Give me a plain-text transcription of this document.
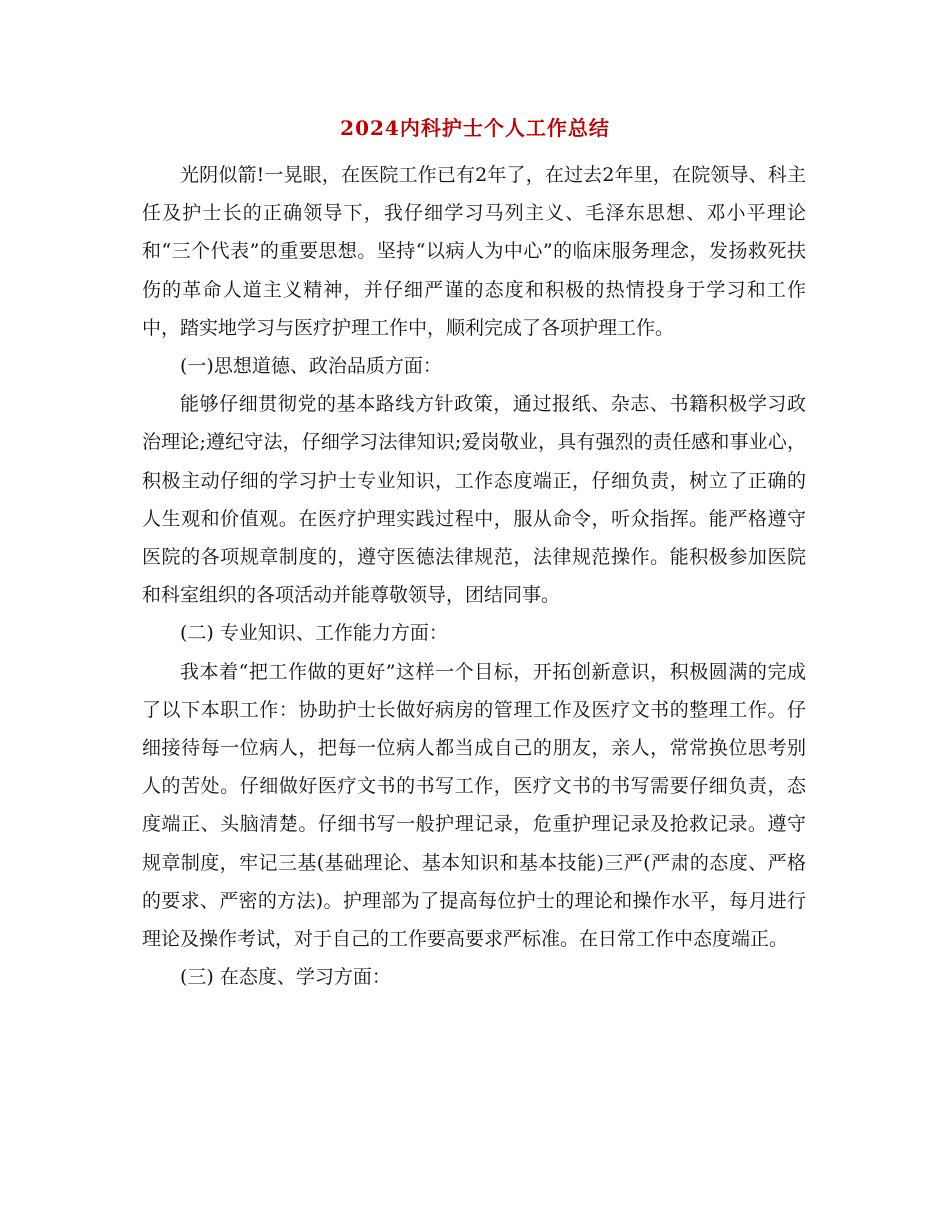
2024内科护士个人工作总结

光阴似箭!一晃眼，在医院工作已有2年了，在过去2年里，在院领导、科主任及护士长的正确领导下，我仔细学习马列主义、毛泽东思想、邓小平理论和“三个代表”的重要思想。坚持“以病人为中心”的临床服务理念，发扬救死扶伤的革命人道主义精神，并仔细严谨的态度和积极的热情投身于学习和工作中，踏实地学习与医疗护理工作中，顺利完成了各项护理工作。

(一)思想道德、政治品质方面：

能够仔细贯彻党的基本路线方针政策，通过报纸、杂志、书籍积极学习政治理论;遵纪守法，仔细学习法律知识;爱岗敬业，具有强烈的责任感和事业心，积极主动仔细的学习护士专业知识，工作态度端正，仔细负责，树立了正确的人生观和价值观。在医疗护理实践过程中，服从命令，听众指挥。能严格遵守医院的各项规章制度的，遵守医德法律规范，法律规范操作。能积极参加医院和科室组织的各项活动并能尊敬领导，团结同事。

(二) 专业知识、工作能力方面：

我本着“把工作做的更好”这样一个目标，开拓创新意识，积极圆满的完成了以下本职工作：协助护士长做好病房的管理工作及医疗文书的整理工作。仔细接待每一位病人，把每一位病人都当成自己的朋友，亲人，常常换位思考别人的苦处。仔细做好医疗文书的书写工作，医疗文书的书写需要仔细负责，态度端正、头脑清楚。仔细书写一般护理记录，危重护理记录及抢救记录。遵守规章制度，牢记三基(基础理论、基本知识和基本技能)三严(严肃的态度、严格的要求、严密的方法)。护理部为了提高每位护士的理论和操作水平，每月进行理论及操作考试，对于自己的工作要高要求严标准。在日常工作中态度端正。

(三) 在态度、学习方面：
